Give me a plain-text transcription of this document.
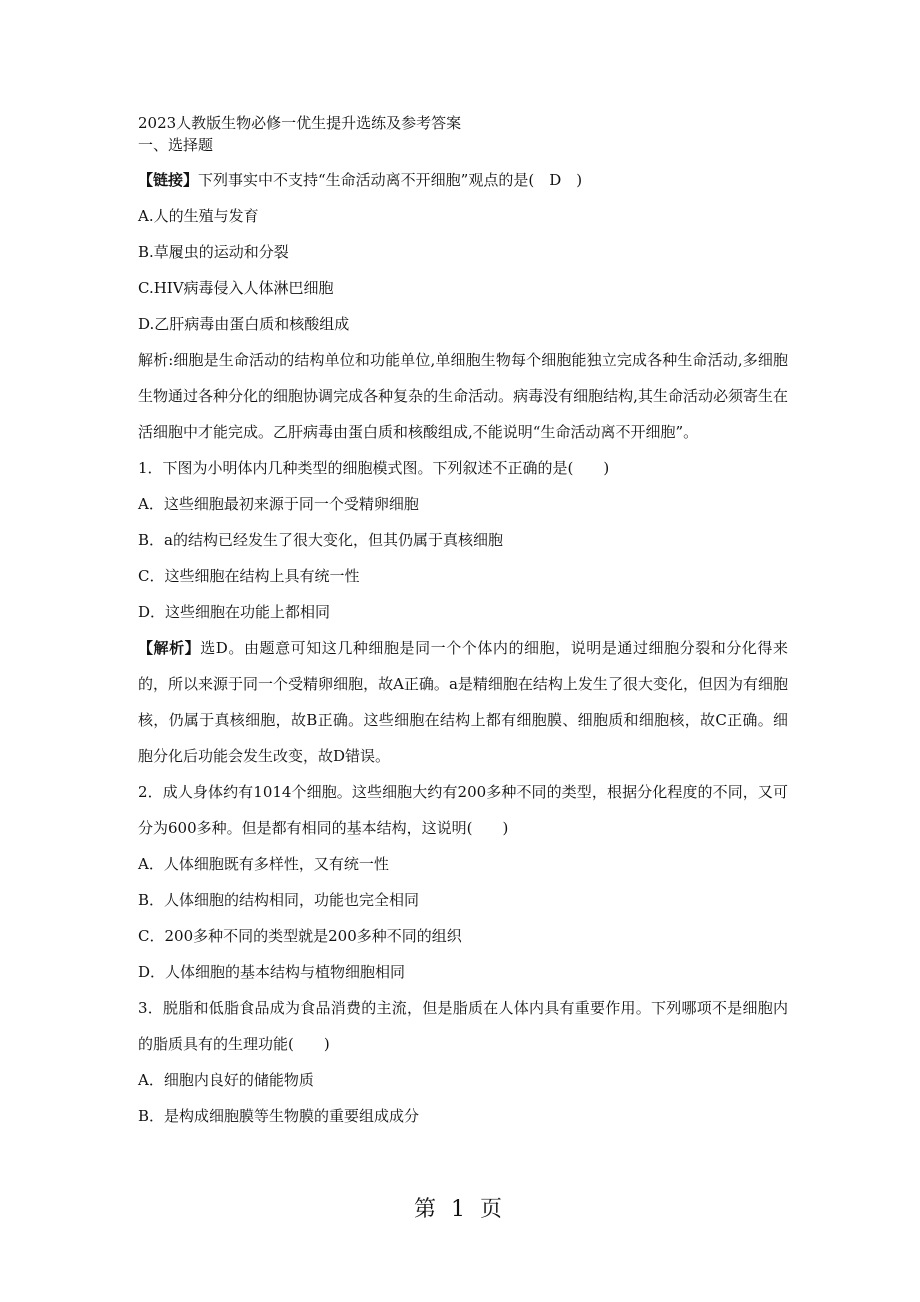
2023人教版生物必修一优生提升选练及参考答案

一、选择题

【链接】下列事实中不支持“生命活动离不开细胞”观点的是(　D　)

A.人的生殖与发育

B.草履虫的运动和分裂

C.HIV病毒侵入人体淋巴细胞

D.乙肝病毒由蛋白质和核酸组成

解析:细胞是生命活动的结构单位和功能单位,单细胞生物每个细胞能独立完成各种生命活动,多细胞生物通过各种分化的细胞协调完成各种复杂的生命活动。病毒没有细胞结构,其生命活动必须寄生在活细胞中才能完成。乙肝病毒由蛋白质和核酸组成,不能说明“生命活动离不开细胞”。

1．下图为小明体内几种类型的细胞模式图。下列叙述不正确的是(　　)

A．这些细胞最初来源于同一个受精卵细胞

B．a的结构已经发生了很大变化，但其仍属于真核细胞

C．这些细胞在结构上具有统一性

D．这些细胞在功能上都相同

【解析】选D。由题意可知这几种细胞是同一个个体内的细胞，说明是通过细胞分裂和分化得来的，所以来源于同一个受精卵细胞，故A正确。a是精细胞在结构上发生了很大变化，但因为有细胞核，仍属于真核细胞，故B正确。这些细胞在结构上都有细胞膜、细胞质和细胞核，故C正确。细胞分化后功能会发生改变，故D错误。

2．成人身体约有1014个细胞。这些细胞大约有200多种不同的类型，根据分化程度的不同，又可分为600多种。但是都有相同的基本结构，这说明(　　)

A．人体细胞既有多样性，又有统一性

B．人体细胞的结构相同，功能也完全相同

C．200多种不同的类型就是200多种不同的组织

D．人体细胞的基本结构与植物细胞相同

3．脱脂和低脂食品成为食品消费的主流，但是脂质在人体内具有重要作用。下列哪项不是细胞内的脂质具有的生理功能(　　)

A．细胞内良好的储能物质

B．是构成细胞膜等生物膜的重要组成成分

第 1 页
